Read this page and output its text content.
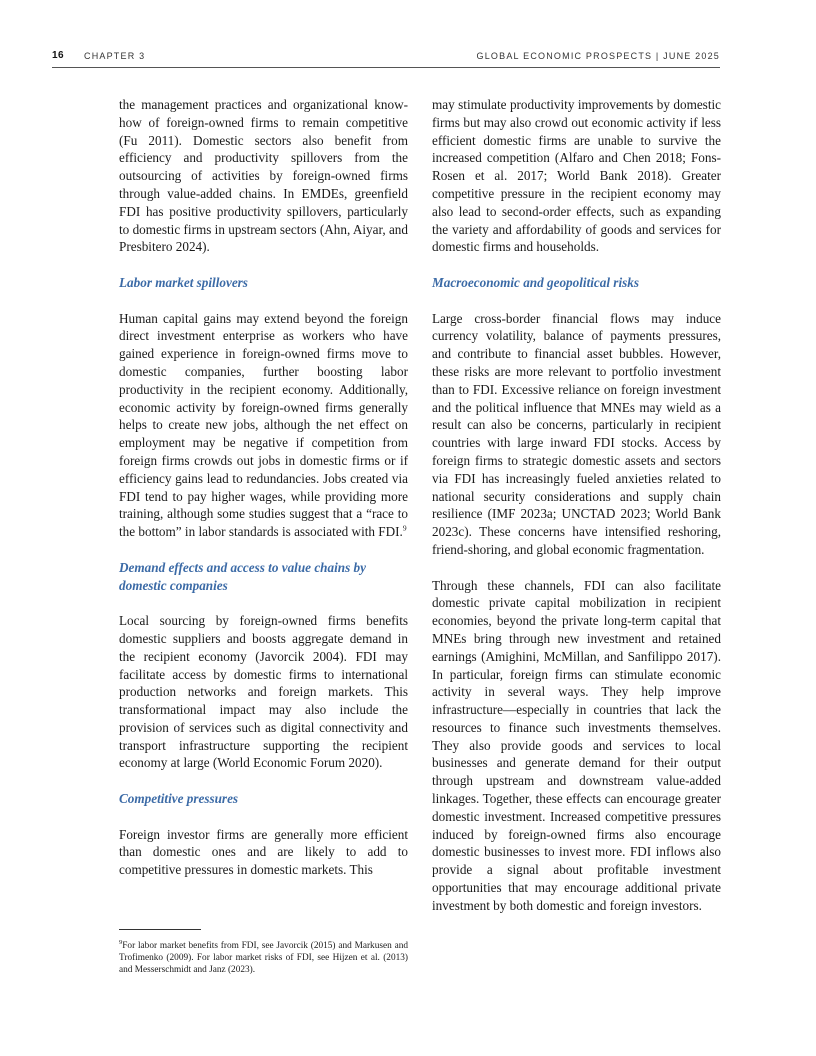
16 CHAPTER 3	GLOBAL ECONOMIC PROSPECTS | JUNE 2025

the management practices and organizational know-how of foreign-owned firms to remain competitive (Fu 2011). Domestic sectors also benefit from efficiency and productivity spillovers from the outsourcing of activities by foreign-owned firms through value-added chains. In EMDEs, greenfield FDI has positive productivity spillovers, particularly to domestic firms in upstream sectors (Ahn, Aiyar, and Presbitero 2024).

Labor market spillovers

Human capital gains may extend beyond the foreign direct investment enterprise as workers who have gained experience in foreign-owned firms move to domestic companies, further boosting labor productivity in the recipient economy. Additionally, economic activity by foreign-owned firms generally helps to create new jobs, although the net effect on employment may be negative if competition from foreign firms crowds out jobs in domestic firms or if efficiency gains lead to redundancies. Jobs created via FDI tend to pay higher wages, while providing more training, although some studies suggest that a “race to the bottom” in labor standards is associated with FDI.$^9$

Demand effects and access to value chains by domestic companies

Local sourcing by foreign-owned firms benefits domestic suppliers and boosts aggregate demand in the recipient economy (Javorcik 2004). FDI may facilitate access by domestic firms to international production networks and foreign markets. This transformational impact may also include the provision of services such as digital connectivity and transport infrastructure supporting the recipient economy at large (World Economic Forum 2020).

Competitive pressures

Foreign investor firms are generally more efficient than domestic ones and are likely to add to competitive pressures in domestic markets. This

may stimulate productivity improvements by domestic firms but may also crowd out economic activity if less efficient domestic firms are unable to survive the increased competition (Alfaro and Chen 2018; Fons-Rosen et al. 2017; World Bank 2018). Greater competitive pressure in the recipient economy may also lead to second-order effects, such as expanding the variety and affordability of goods and services for domestic firms and households.

Macroeconomic and geopolitical risks

Large cross-border financial flows may induce currency volatility, balance of payments pressures, and contribute to financial asset bubbles. However, these risks are more relevant to portfolio investment than to FDI. Excessive reliance on foreign investment and the political influence that MNEs may wield as a result can also be concerns, particularly in recipient countries with large inward FDI stocks. Access by foreign firms to strategic domestic assets and sectors via FDI has increasingly fueled anxieties related to national security considerations and supply chain resilience (IMF 2023a; UNCTAD 2023; World Bank 2023c). These concerns have intensified reshoring, friend-shoring, and global economic fragmentation.

Through these channels, FDI can also facilitate domestic private capital mobilization in recipient economies, beyond the private long-term capital that MNEs bring through new investment and retained earnings (Amighini, McMillan, and Sanfilippo 2017). In particular, foreign firms can stimulate economic activity in several ways. They help improve infrastructure—especially in countries that lack the resources to finance such investments themselves. They also provide goods and services to local businesses and generate demand for their output through upstream and downstream value-added linkages. Together, these effects can encourage greater domestic investment. Increased competitive pressures induced by foreign-owned firms also encourage domestic businesses to invest more. FDI inflows also provide a signal about profitable investment opportunities that may encourage additional private investment by both domestic and foreign investors.

$^9$For labor market benefits from FDI, see Javorcik (2015) and Markusen and Trofimenko (2009). For labor market risks of FDI, see Hijzen et al. (2013) and Messerschmidt and Janz (2023).
